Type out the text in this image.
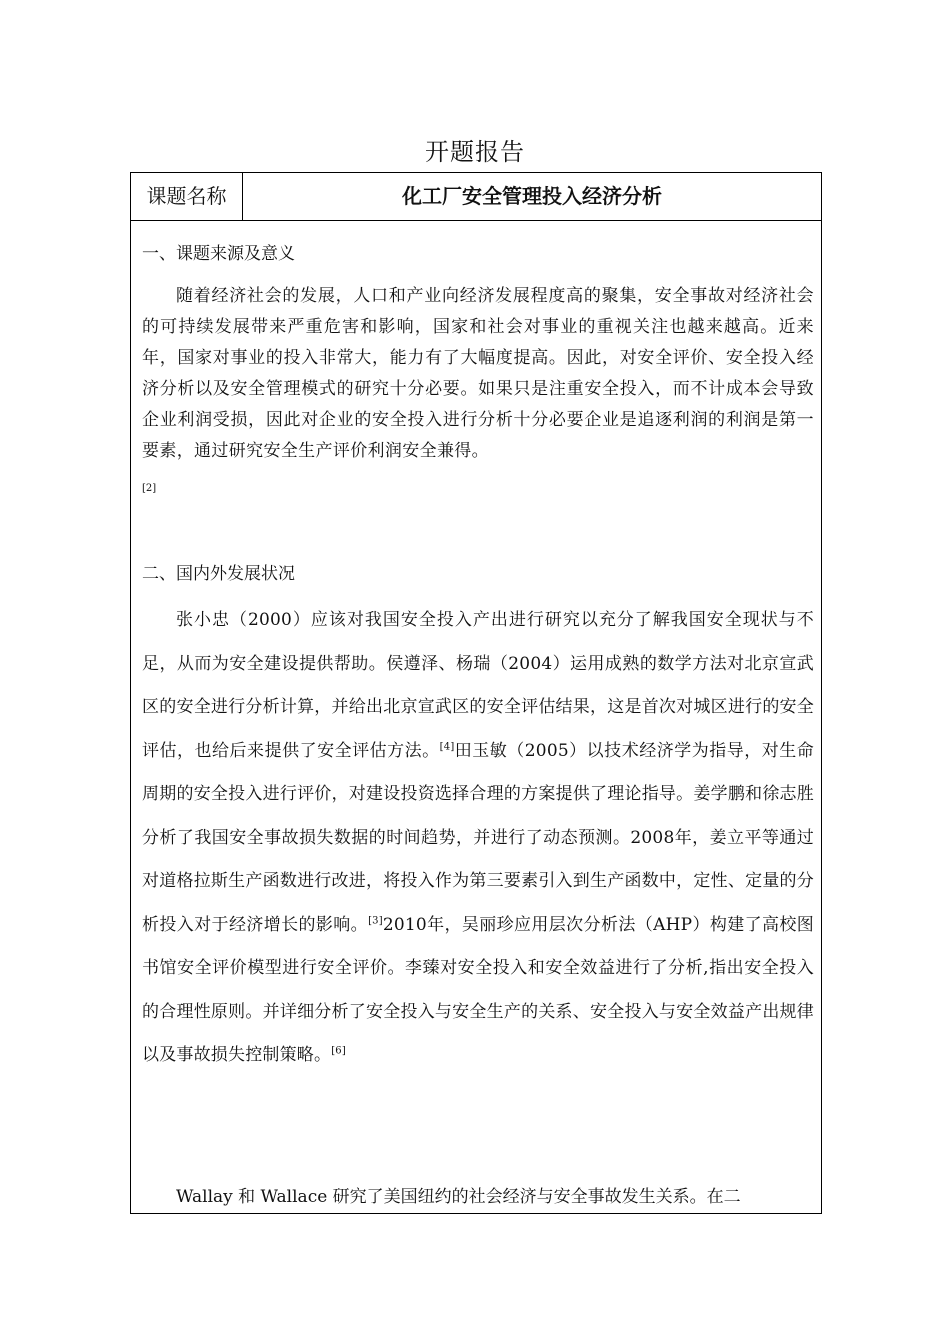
开题报告
课题名称	化工厂安全管理投入经济分析
一、课题来源及意义

随着经济社会的发展，人口和产业向经济发展程度高的聚集，安全事故对经济社会的可持续发展带来严重危害和影响，国家和社会对事业的重视关注也越来越高。近来年，国家对事业的投入非常大，能力有了大幅度提高。因此，对安全评价、安全投入经济分析以及安全管理模式的研究十分必要。如果只是注重安全投入，而不计成本会导致企业利润受损，因此对企业的安全投入进行分析十分必要企业是追逐利润的利润是第一要素，通过研究安全生产评价利润安全兼得。

[2]
二、国内外发展状况

张小忠（2000）应该对我国安全投入产出进行研究以充分了解我国安全现状与不足，从而为安全建设提供帮助。侯遵泽、杨瑞（2004）运用成熟的数学方法对北京宣武区的安全进行分析计算，并给出北京宣武区的安全评估结果，这是首次对城区进行的安全评估，也给后来提供了安全评估方法。[4]田玉敏（2005）以技术经济学为指导，对生命周期的安全投入进行评价，对建设投资选择合理的方案提供了理论指导。姜学鹏和徐志胜分析了我国安全事故损失数据的时间趋势，并进行了动态预测。2008年，姜立平等通过对道格拉斯生产函数进行改进，将投入作为第三要素引入到生产函数中，定性、定量的分析投入对于经济增长的影响。[3]2010年，吴丽珍应用层次分析法（AHP）构建了高校图书馆安全评价模型进行安全评价。李臻对安全投入和安全效益进行了分析,指出安全投入的合理性原则。并详细分析了安全投入与安全生产的关系、安全投入与安全效益产出规律以及事故损失控制策略。[6]

Wallay 和 Wallace 研究了美国纽约的社会经济与安全事故发生关系。在二
